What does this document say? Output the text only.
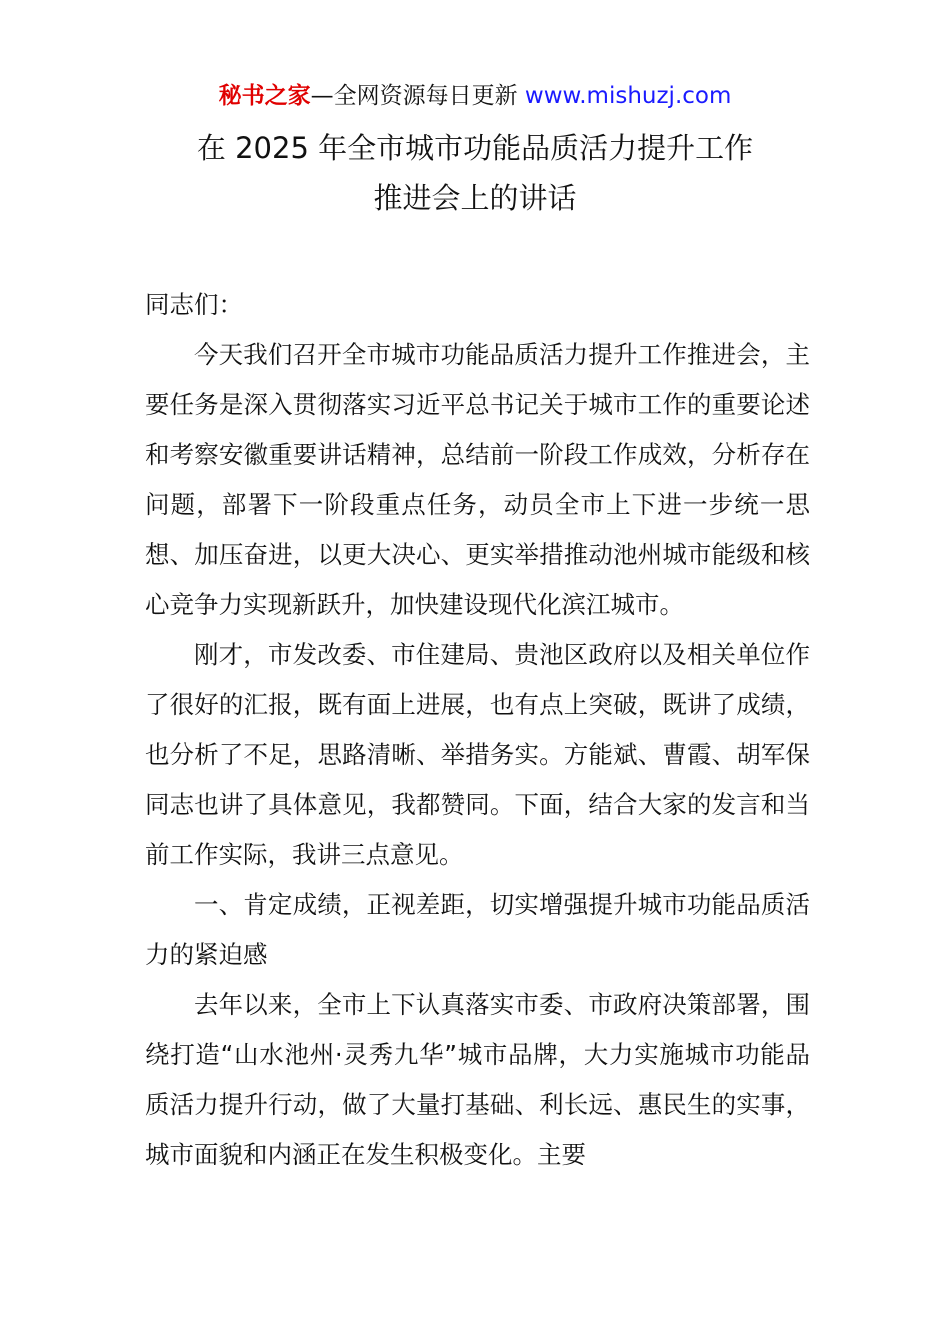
秘书之家—全网资源每日更新 www.mishuzj.com
在 2025 年全市城市功能品质活力提升工作
推进会上的讲话

同志们：

今天我们召开全市城市功能品质活力提升工作推进会，主要任务是深入贯彻落实习近平总书记关于城市工作的重要论述和考察安徽重要讲话精神，总结前一阶段工作成效，分析存在问题，部署下一阶段重点任务，动员全市上下进一步统一思想、加压奋进，以更大决心、更实举措推动池州城市能级和核心竞争力实现新跃升，加快建设现代化滨江城市。

刚才，市发改委、市住建局、贵池区政府以及相关单位作了很好的汇报，既有面上进展，也有点上突破，既讲了成绩，也分析了不足，思路清晰、举措务实。方能斌、曹霞、胡军保同志也讲了具体意见，我都赞同。下面，结合大家的发言和当前工作实际，我讲三点意见。

一、肯定成绩，正视差距，切实增强提升城市功能品质活力的紧迫感

去年以来，全市上下认真落实市委、市政府决策部署，围绕打造“山水池州·灵秀九华”城市品牌，大力实施城市功能品质活力提升行动，做了大量打基础、利长远、惠民生的实事，城市面貌和内涵正在发生积极变化。主要
